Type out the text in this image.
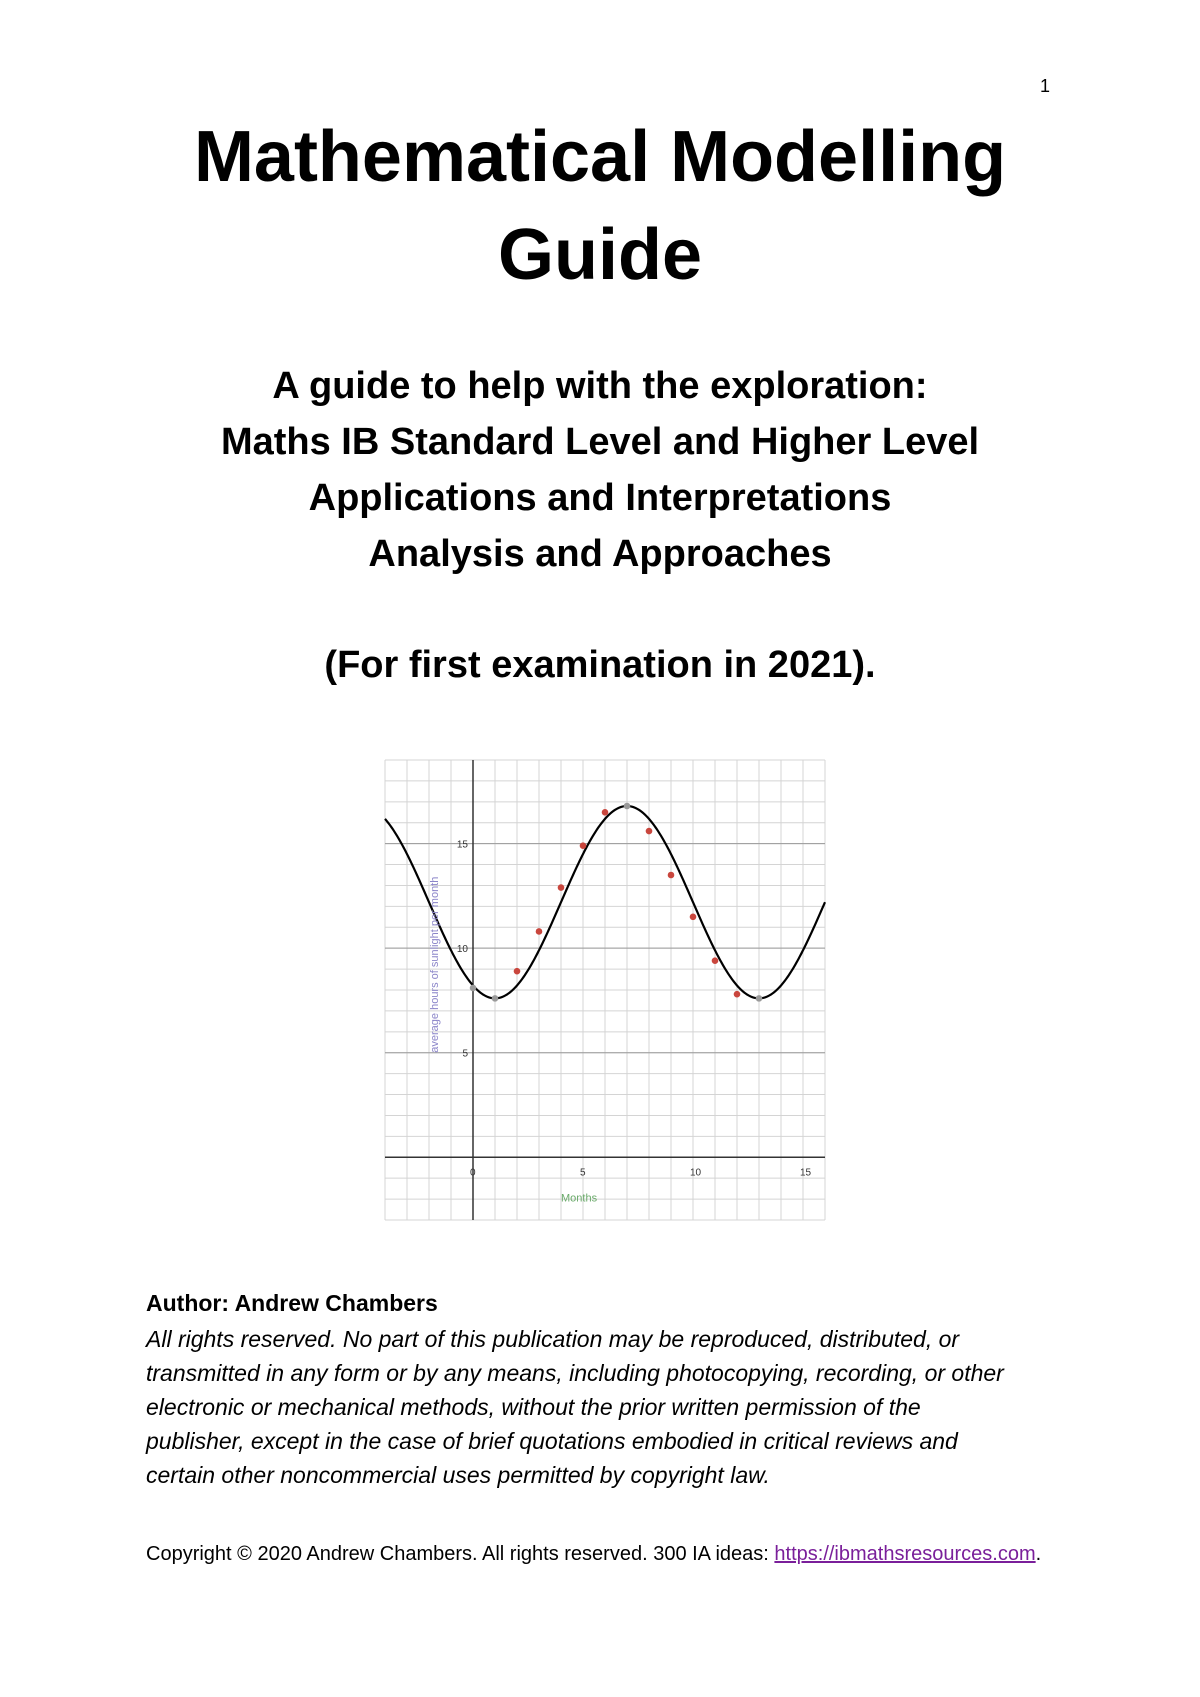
1
Mathematical Modelling
Guide
A guide to help with the exploration:
Maths IB Standard Level and Higher Level
Applications and Interpretations
Analysis and Approaches
(For first examination in 2021).
0	5	10	15
5
10
15
Months
average hours of sunlight per month
Author: Andrew Chambers
All rights reserved. No part of this publication may be reproduced, distributed, or
transmitted in any form or by any means, including photocopying, recording, or other
electronic or mechanical methods, without the prior written permission of the
publisher, except in the case of brief quotations embodied in critical reviews and
certain other noncommercial uses permitted by copyright law.
Copyright © 2020 Andrew Chambers. All rights reserved. 300 IA ideas: https://ibmathsresources.com.
